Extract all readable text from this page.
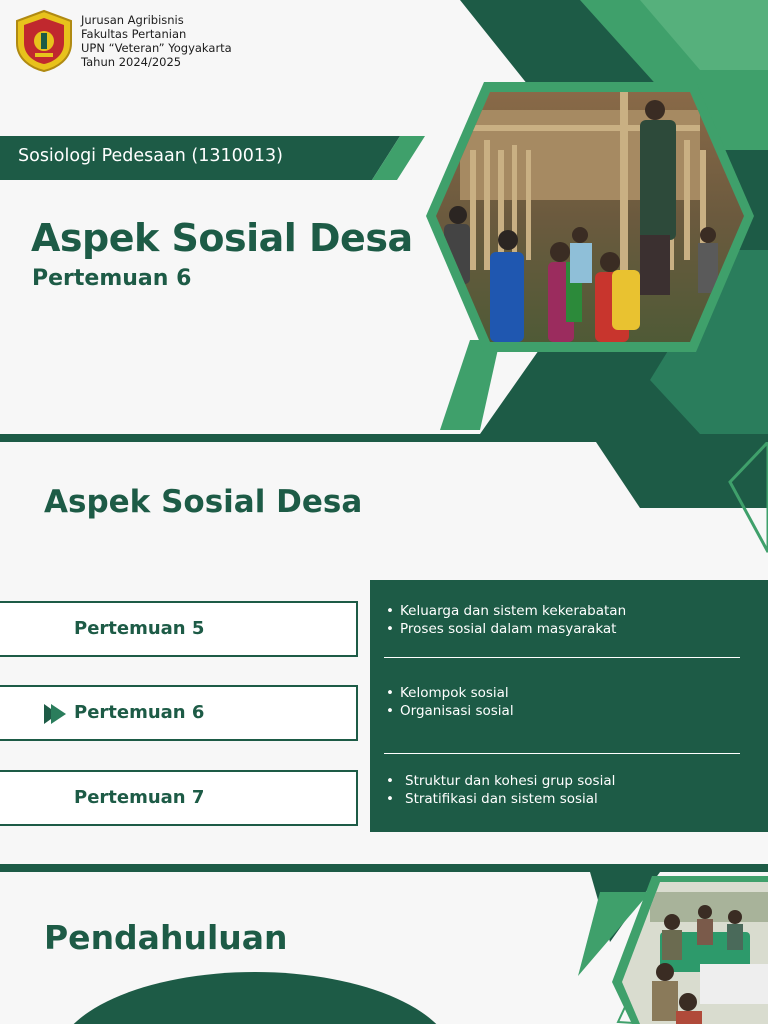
Jurusan Agribisnis
Fakultas Pertanian
UPN “Veteran” Yogyakarta
Tahun 2024/2025
Sosiologi Pedesaan (1310013)
Aspek Sosial Desa
Pertemuan 6
Aspek Sosial Desa
Pertemuan 5
Pertemuan 6
Pertemuan 7
• Keluarga dan sistem kekerabatan
• Proses sosial dalam masyarakat
• Kelompok sosial
• Organisasi sosial
• Struktur dan kohesi grup sosial
• Stratifikasi dan sistem sosial
Pendahuluan
